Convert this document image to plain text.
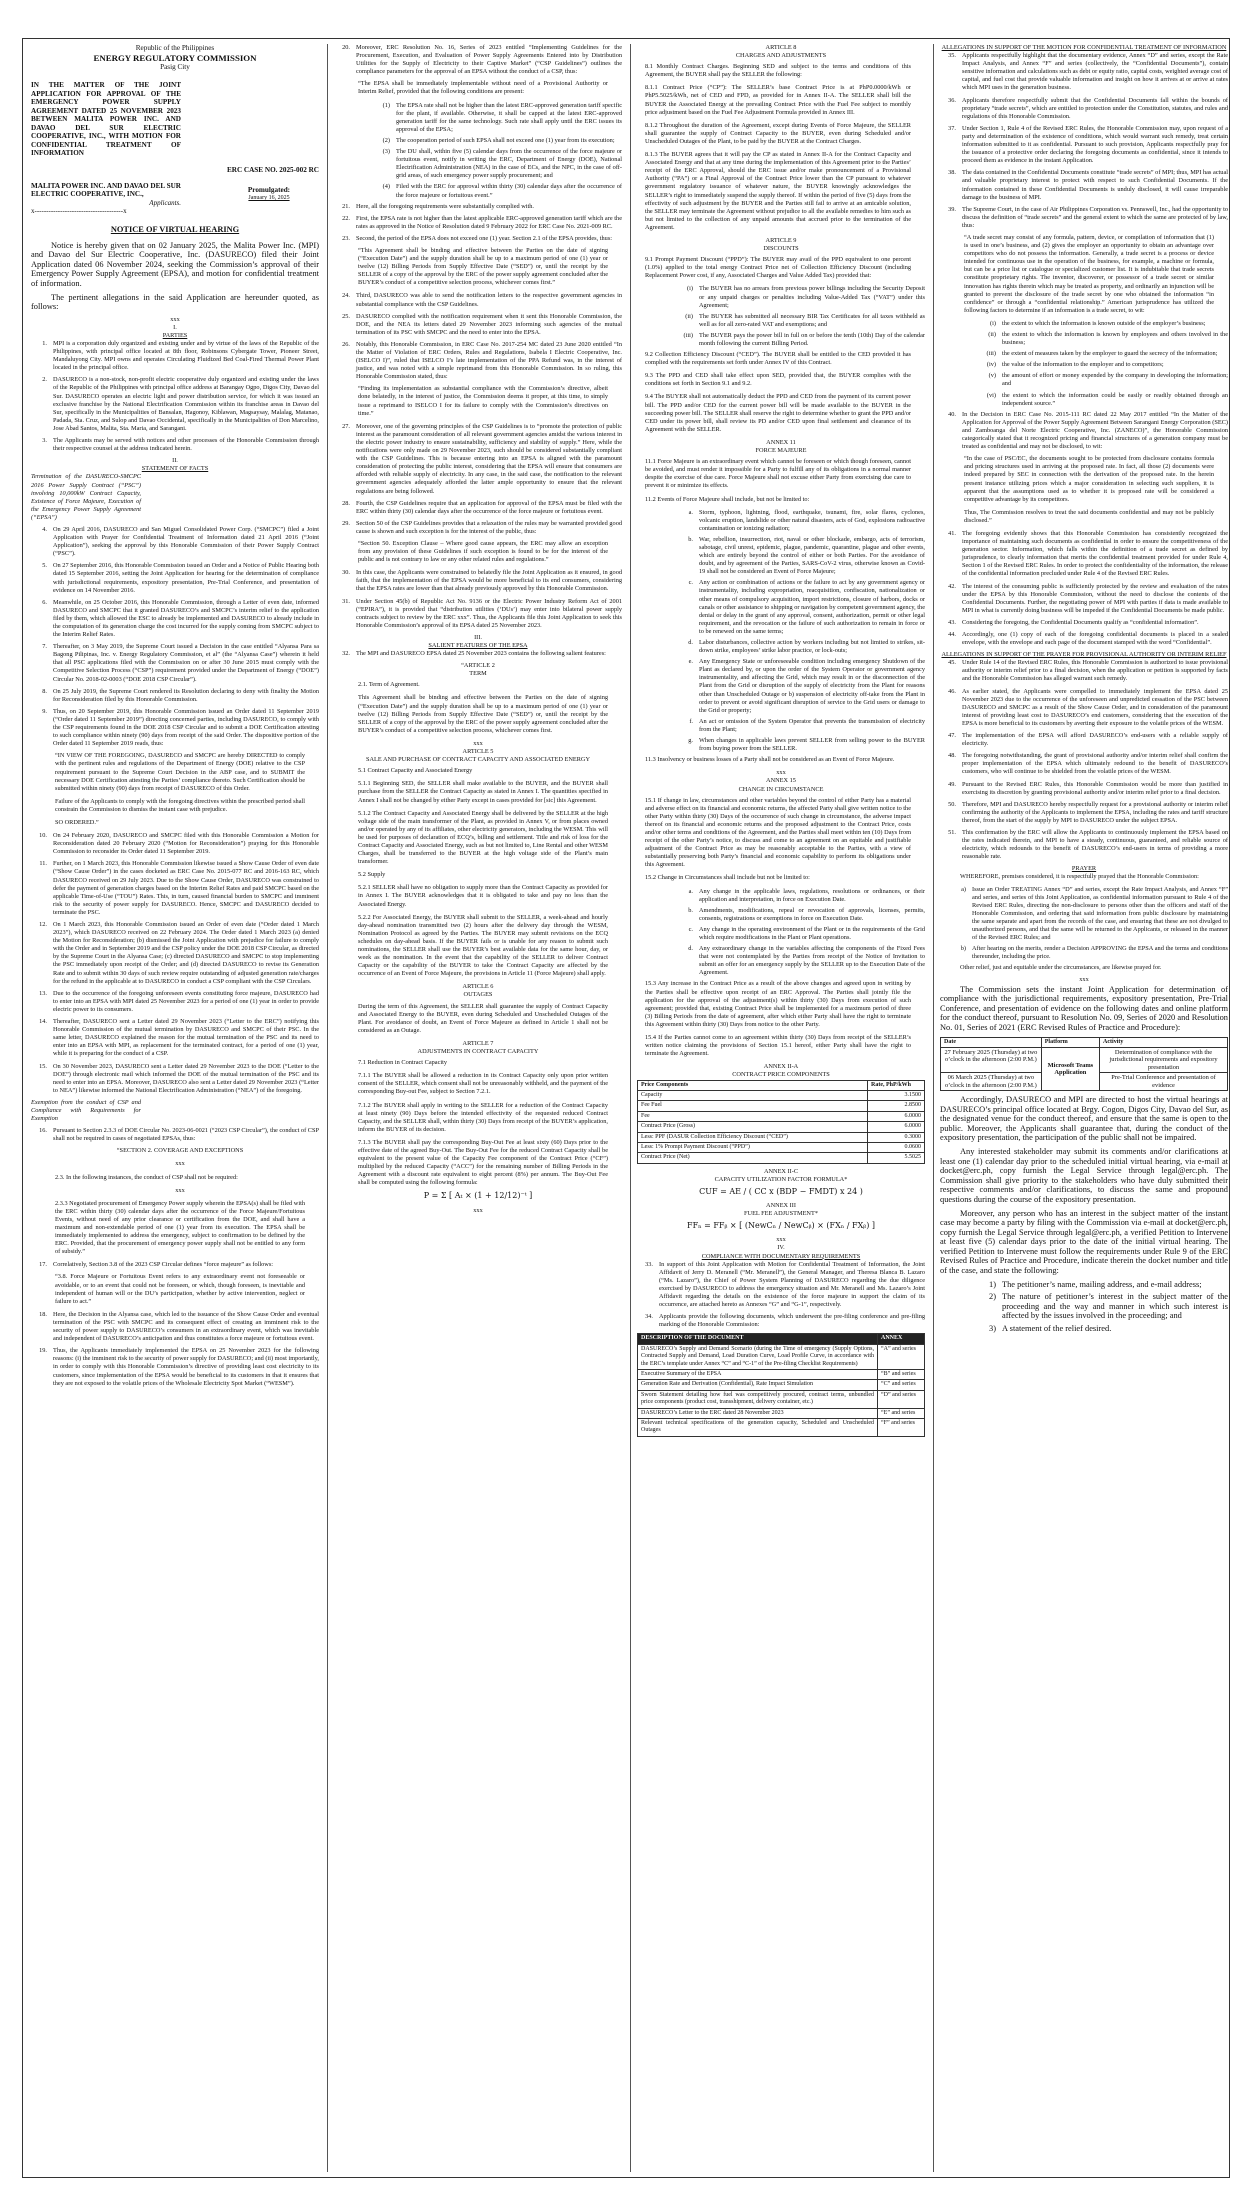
Republic of the Philippines
ENERGY REGULATORY COMMISSION
Pasig City
IN THE MATTER OF THE JOINT APPLICATION FOR APPROVAL OF THE EMERGENCY POWER SUPPLY AGREEMENT DATED 25 NOVEMBER 2023 BETWEEN MALITA POWER INC. AND DAVAO DEL SUR ELECTRIC COOPERATIVE, INC., WITH MOTION FOR CONFIDENTIAL TREATMENT OF INFORMATION
ERC CASE NO. 2025-002 RC
MALITA POWER INC. AND DAVAO DEL SUR ELECTRIC COOPERATIVE, INC.,
Applicants.
x--------------------------------------x
Promulgated:
January 16, 2025
NOTICE OF VIRTUAL HEARING

Notice is hereby given that on 02 January 2025, the Malita Power Inc. (MPI) and Davao del Sur Electric Cooperative, Inc. (DASURECO) filed their Joint Application dated 06 November 2024, seeking the Commission’s approval of their Emergency Power Supply Agreement (EPSA), and motion for confidential treatment of information.

The pertinent allegations in the said Application are hereunder quoted, as follows:

xxx
I.
PARTIES
1. MPI is a corporation duly organized and existing under and by virtue of the laws of the Republic of the Philippines, with principal office located at 8th floor, Robinsons Cybergate Tower, Pioneer Street, Mandaluyong City. MPI owns and operates Circulating Fluidized Bed Coal-Fired Thermal Power Plant located in the principal office.
2. DASURECO is a non-stock, non-profit electric cooperative duly organized and existing under the laws of the Republic of the Philippines with principal office address at Barangay Ogpo, Digos City, Davao del Sur. DASURECO operates an electric light and power distribution service, for which it was issued an exclusive franchise by the National Electrification Commission within its franchise areas in Davao del Sur, specifically in the Municipalities of Bansalan, Hagonoy, Kiblawan, Magsaysay, Malalag, Matanao, Padada, Sta. Cruz, and Sulop and Davao Occidental, specifically in the Municipalities of Don Marcelino, Jose Abad Santos, Malita, Sta. Maria, and Sarangani.
3. The Applicants may be served with notices and other processes of the Honorable Commission through their respective counsel at the address indicated herein.
II.
STATEMENT OF FACTS

Termination of the DASURECO-SMCPC 2016 Power Supply Contract (“PSC”) involving 10,000kW Contract Capacity, Existence of Force Majeure, Execution of the Emergency Power Supply Agreement (“EPSA”)

4. On 29 April 2016, DASURECO and San Miguel Consolidated Power Corp. (“SMCPC”) filed a Joint Application with Prayer for Confidential Treatment of Information dated 21 April 2016 (“Joint Application”), seeking the approval by this Honorable Commission of their Power Supply Contract (“PSC”).
5. On 27 September 2016, this Honorable Commission issued an Order and a Notice of Public Hearing both dated 15 September 2016, setting the Joint Application for hearing for the determination of compliance with jurisdictional requirements, expository presentation, Pre-Trial Conference, and presentation of evidence on 14 November 2016.
6. Meanwhile, on 25 October 2016, this Honorable Commission, through a Letter of even date, informed DASURECO and SMCPC that it granted DASURECO’s and SMCPC’s interim relief to the application filed by them, which allowed the ESC to already be implemented and DASURECO to already include in the computation of its generation charge the cost incurred for the supply coming from SMCPC subject to the Interim Relief Rates.
7. Thereafter, on 3 May 2019, the Supreme Court issued a Decision in the case entitled “Alyansa Para sa Bagong Pilipinas, Inc. v. Energy Regulatory Commission, et al” (the “Alyansa Case”) wherein it held that all PSC applications filed with the Commission on or after 30 June 2015 must comply with the Competitive Selection Process (“CSP”) requirement provided under the Department of Energy (“DOE”) Circular No. 2018-02-0003 (“DOE 2018 CSP Circular”).
8. On 25 July 2019, the Supreme Court rendered its Resolution declaring to deny with finality the Motion for Reconsideration filed by this Honorable Commission.
9. Thus, on 20 September 2019, this Honorable Commission issued an Order dated 11 September 2019 (“Order dated 11 September 2019”) directing concerned parties, including DASURECO, to comply with the CSP requirements found in the DOE 2018 CSP Circular and to submit a DOE Certification attesting to such compliance within ninety (90) days from receipt of the said Order. The dispositive portion of the Order dated 11 September 2019 reads, thus:

“IN VIEW OF THE FOREGOING, DASURECO and SMCPC are hereby DIRECTED to comply with the pertinent rules and regulations of the Department of Energy (DOE) relative to the CSP requirement pursuant to the Supreme Court Decision in the ABP case, and to SUBMIT the necessary DOE Certification attesting the Parties’ compliance thereto. Such Certification should be submitted within ninety (90) days from receipt of DASURECO of this Order.

Failure of the Applicants to comply with the foregoing directives within the prescribed period shall constrain the Commission to dismiss the instant case with prejudice.

SO ORDERED.”

10. On 24 February 2020, DASURECO and SMCPC filed with this Honorable Commission a Motion for Reconsideration dated 20 February 2020 (“Motion for Reconsideration”) praying for this Honorable Commission to reconsider its Order dated 11 September 2019.
11. Further, on 1 March 2023, this Honorable Commission likewise issued a Show Cause Order of even date (“Show Cause Order”) in the cases docketed as ERC Case No. 2015-077 RC and 2016-163 RC, which DASURECO received on 29 July 2023. Due to the Show Cause Order, DASURECO was constrained to defer the payment of generation charges based on the Interim Relief Rates and paid SMCPC based on the applicable Time-of-Use (“TOU”) Rates. This, in turn, caused financial burden to SMCPC and imminent risk to the security of power supply for DASURECO. Hence, SMCPC and DASURECO decided to terminate the PSC.
12. On 1 March 2023, this Honorable Commission issued an Order of even date (“Order dated 1 March 2023”), which DASURECO received on 22 February 2024. The Order dated 1 March 2023 (a) denied the Motion for Reconsideration; (b) dismissed the Joint Application with prejudice for failure to comply with the Order and in September 2019 and the CSP policy under the DOE 2018 CSP Circular, as directed by the Supreme Court in the Alyansa Case; (c) directed DASURECO and SMCPC to stop implementing the PSC immediately upon receipt of the Order; and (d) directed DASURECO to revise its Generation Rate and to submit within 30 days of such review require outstanding of adjusted generation rate/charges for the refund in the applicable at to DASURECO in conduct a CSP compliant with the CSP Circulars.
13. Due to the occurrence of the foregoing unforeseen events constituting force majeure, DASURECO had to enter into an EPSA with MPI dated 25 November 2023 for a period of one (1) year in order to provide electric power to its consumers.
14. Thereafter, DASURECO sent a Letter dated 29 November 2023 (“Letter to the ERC”) notifying this Honorable Commission of the mutual termination by DASURECO and SMCPC of their PSC. In the same letter, DASURECO explained the reason for the mutual termination of the PSC and its need to enter into an EPSA with MPI, as replacement for the terminated contract, for a period of one (1) year, while it is preparing for the conduct of a CSP.
15. On 30 November 2023, DASURECO sent a Letter dated 29 November 2023 to the DOE (“Letter to the DOE”) through electronic mail which informed the DOE of the mutual termination of the PSC and its need to enter into an EPSA. Moreover, DASURECO also sent a Letter dated 29 November 2023 (“Letter to NEA”) likewise informed the National Electrification Administration (“NEA”) of the foregoing.

Exemption from the conduct of CSP and Compliance with Requirements for Exemption

16. Pursuant to Section 2.3.3 of DOE Circular No. 2023-06-0021 (“2023 CSP Circular”), the conduct of CSP shall not be required in cases of negotiated EPSAs, thus:

“SECTION 2. COVERAGE AND EXCEPTIONS

xxx

2.3. In the following instances, the conduct of CSP shall not be required:

xxx

2.3.3 Negotiated procurement of Emergency Power supply wherein the EPSA(s) shall be filed with the ERC within thirty (30) calendar days after the occurrence of the Force Majeure/Fortuitous Events, without need of any prior clearance or certification from the DOE, and shall have a maximum and non-extendable period of one (1) year from its execution. The EPSA shall be immediately implemented to address the emergency, subject to confirmation to be defined by the ERC. Provided, that the procurement of emergency power supply shall not be entitled to any form of subsidy.”

17. Correlatively, Section 3.8 of the 2023 CSP Circular defines “force majeure” as follows:

“3.8. Force Majeure or Fortuitous Event refers to any extraordinary event not foreseeable or avoidable, or to an event that could not be foreseen, or which, though foreseen, is inevitable and independent of human will or the DU’s participation, whether by active intervention, neglect or failure to act.”

18. Here, the Decision in the Alyansa case, which led to the issuance of the Show Cause Order and eventual termination of the PSC with SMCPC and its consequent effect of creating an imminent risk to the security of power supply to DASURECO’s consumers in an extraordinary event, which was inevitable and independent of DASURECO’s anticipation and thus constitutes a force majeure or fortuitous event.
19. Thus, the Applicants immediately implemented the EPSA on 25 November 2023 for the following reasons: (i) the imminent risk to the security of power supply for DASURECO; and (ii) most importantly, in order to comply with this Honorable Commission’s directive of providing least cost electricity to its customers, since implementation of the EPSA would be beneficial to its customers in that it ensures that they are not exposed to the volatile prices of the Wholesale Electricity Spot Market (“WESM”).
20. Moreover, ERC Resolution No. 16, Series of 2023 entitled “Implementing Guidelines for the Procurement, Execution, and Evaluation of Power Supply Agreements Entered into by Distribution Utilities for the Supply of Electricity to their Captive Market” (“CSP Guidelines”) outlines the compliance parameters for the approval of an EPSA without the conduct of a CSP, thus:

“The EPSA shall be immediately implementable without need of a Provisional Authority or Interim Relief, provided that the following conditions are present:

(1) The EPSA rate shall not be higher than the latest ERC-approved generation tariff specific for the plant, if available. Otherwise, it shall be capped at the latest ERC-approved generation tariff for the same technology. Such rate shall apply until the ERC issues its approval of the EPSA;
(2) The cooperation period of such EPSA shall not exceed one (1) year from its execution;
(3) The DU shall, within five (5) calendar days from the occurrence of the force majeure or fortuitous event, notify in writing the ERC, Department of Energy (DOE), National Electrification Administration (NEA) in the case of ECs, and the NPC, in the case of off-grid areas, of such emergency power supply procurement; and
(4) Filed with the ERC for approval within thirty (30) calendar days after the occurrence of the force majeure or fortuitous event.”
21. Here, all the foregoing requirements were substantially complied with.
22. First, the EPSA rate is not higher than the latest applicable ERC-approved generation tariff which are the rates as approved in the Notice of Resolution dated 9 February 2022 for ERC Case No. 2021-009 RC.
23. Second, the period of the EPSA does not exceed one (1) year. Section 2.1 of the EPSA provides, thus:

“This Agreement shall be binding and effective between the Parties on the date of signing (“Execution Date”) and the supply duration shall be up to a maximum period of one (1) year or twelve (12) Billing Periods from Supply Effective Date (“SED”) or, until the receipt by the SELLER of a copy of the approval by the ERC of the power supply agreement concluded after the BUYER’s conduct of a competitive selection process, whichever comes first.”

24. Third, DASURECO was able to send the notification letters to the respective government agencies in substantial compliance with the CSP Guidelines.
25. DASURECO complied with the notification requirement when it sent this Honorable Commission, the DOE, and the NEA its letters dated 29 November 2023 informing such agencies of the mutual termination of its PSC with SMCPC and the need to enter into the EPSA.
26. Notably, this Honorable Commission, in ERC Case No. 2017-254 MC dated 23 June 2020 entitled “In the Matter of Violation of ERC Orders, Rules and Regulations, Isabela I Electric Cooperative, Inc. (ISELCO I)”, ruled that ISELCO I’s late implementation of the PPA Refund was, in the interest of justice, and was noted with a simple reprimand from this Honorable Commission. In so ruling, this Honorable Commission stated, thus:

“Finding its implementation as substantial compliance with the Commission’s directive, albeit done belatedly, in the interest of justice, the Commission deems it proper, at this time, to simply issue a reprimand to ISELCO I for its failure to comply with the Commission’s directives on time.”

27. Moreover, one of the governing principles of the CSP Guidelines is to “promote the protection of public interest as the paramount consideration of all relevant government agencies amidst the various interest in the electric power industry to ensure sustainability, sufficiency and stability of supply.” Here, while the notifications were only made on 29 November 2023, such should be considered substantially compliant with the CSP Guidelines. This is because entering into an EPSA is aligned with the paramount consideration of protecting the public interest, considering that the EPSA will ensure that consumers are afforded with reliable supply of electricity. In any case, in the said case, the notification to the relevant government agencies adequately afforded the latter ample opportunity to ensure that the relevant regulations are being followed.
28. Fourth, the CSP Guidelines require that an application for approval of the EPSA must be filed with the ERC within thirty (30) calendar days after the occurrence of the force majeure or fortuitous event.
29. Section 50 of the CSP Guidelines provides that a relaxation of the rules may be warranted provided good cause is shown and such exception is for the interest of the public, thus:

“Section 50. Exception Clause – Where good cause appears, the ERC may allow an exception from any provision of these Guidelines if such exception is found to be for the interest of the public and is not contrary to law or any other related rules and regulations.”

30. In this case, the Applicants were constrained to belatedly file the Joint Application as it ensured, in good faith, that the implementation of the EPSA would be more beneficial to its end consumers, considering that the EPSA rates are lower than that already previously approved by this Honorable Commission.
31. Under Section 45(b) of Republic Act No. 9136 or the Electric Power Industry Reform Act of 2001 (“EPIRA”), it is provided that “distribution utilities (‘DUs’) may enter into bilateral power supply contracts subject to review by the ERC xxx”. Thus, the Applicants file this Joint Application to seek this Honorable Commission’s approval of its EPSA dated 25 November 2023.
III.
SALIENT FEATURES OF THE EPSA
32. The MPI and DASURECO EPSA dated 25 November 2023 contains the following salient features:
“ARTICLE 2
TERM

2.1. Term of Agreement.

This Agreement shall be binding and effective between the Parties on the date of signing (“Execution Date”) and the supply duration shall be up to a maximum period of one (1) year or twelve (12) Billing Periods from Supply Effective Date (“SED”) or, until the receipt by the SELLER of a copy of the approval by the ERC of the power supply agreement concluded after the BUYER’s conduct of a competitive selection process, whichever comes first.

xxx
ARTICLE 5
SALE AND PURCHASE OF CONTRACT CAPACITY AND ASSOCIATED ENERGY

5.1 Contract Capacity and Associated Energy

5.1.1 Beginning SED, the SELLER shall make available to the BUYER, and the BUYER shall purchase from the SELLER the Contract Capacity as stated in Annex I. The quantities specified in Annex I shall not be changed by either Party except in cases provided for [sic] this Agreement.

5.1.2 The Contract Capacity and Associated Energy shall be delivered by the SELLER at the high voltage side of the main transformer of the Plant, as provided in Annex V, or from places owned and/or operated by any of its affiliates, other electricity generators, including the WESM. This will be used for purposes of declaration of ECQ’s, billing and settlement. Title and risk of loss for the Contract Capacity and Associated Energy, such as but not limited to, Line Rental and other WESM Charges, shall be transferred to the BUYER at the high voltage side of the Plant’s main transformer.

5.2 Supply

5.2.1 SELLER shall have no obligation to supply more than the Contract Capacity as provided for in Annex I. The BUYER acknowledges that it is obligated to take and pay no less than the Associated Energy.

5.2.2 For Associated Energy, the BUYER shall submit to the SELLER, a week-ahead and hourly day-ahead nomination transmitted two (2) hours after the delivery day through the WESM, Nomination Protocol as agreed by the Parties. The BUYER may submit revisions on the ECQ schedules on day-ahead basis. If the BUYER fails or is unable for any reason to submit such nominations, the SELLER shall use the BUYER’s best available data for the same hour, day, or week as the nomination. In the event that the capability of the SELLER to deliver Contract Capacity or the capability of the BUYER to take the Contract Capacity are affected by the occurrence of an Event of Force Majeure, the provisions in Article 11 (Force Majeure) shall apply.

ARTICLE 6
OUTAGES

During the term of this Agreement, the SELLER shall guarantee the supply of Contract Capacity and Associated Energy to the BUYER, even during Scheduled and Unscheduled Outages of the Plant. For avoidance of doubt, an Event of Force Majeure as defined in Article 1 shall not be considered as an Outage.

ARTICLE 7
ADJUSTMENTS IN CONTRACT CAPACITY

7.1 Reduction in Contract Capacity

7.1.1 The BUYER shall be allowed a reduction in its Contract Capacity only upon prior written consent of the SELLER, which consent shall not be unreasonably withheld, and the payment of the corresponding Buy-out Fee, subject to Section 7.2.1.

7.1.2 The BUYER shall apply in writing to the SELLER for a reduction of the Contract Capacity at least ninety (90) Days before the intended effectivity of the requested reduced Contract Capacity, and the SELLER shall, within thirty (30) Days from receipt of the BUYER’s application, inform the BUYER of its decision.

7.1.3 The BUYER shall pay the corresponding Buy-Out Fee at least sixty (60) Days prior to the effective date of the agreed Buy-Out. The Buy-Out Fee for the reduced Contract Capacity shall be equivalent to the present value of the Capacity Fee component of the Contract Price (“CF”) multiplied by the reduced Capacity (“ACC”) for the remaining number of Billing Periods in the Agreement with a discount rate equivalent to eight percent (8%) per annum. The Buy-Out Fee shall be computed using the following formula:

P = Σ [ Aₜ × (1 + 12/12)⁻ᵗ ]
xxx
ARTICLE 8
CHARGES AND ADJUSTMENTS

8.1 Monthly Contract Charges. Beginning SED and subject to the terms and conditions of this Agreement, the BUYER shall pay the SELLER the following:

8.1.1 Contract Price (“CP”): The SELLER’s base Contract Price is at PhP0.0000/kWh or PhP5.5025/kWh, net of CED and FPD, as provided for in Annex II-A. The SELLER shall bill the BUYER the Associated Energy at the prevailing Contract Price with the Fuel Fee subject to monthly price adjustment based on the Fuel Fee Adjustment Formula provided in Annex III.

8.1.2 Throughout the duration of the Agreement, except during Events of Force Majeure, the SELLER shall guarantee the supply of Contract Capacity to the BUYER, even during Scheduled and/or Unscheduled Outages of the Plant, to be paid by the BUYER at the Contract Charges.

8.1.3 The BUYER agrees that it will pay the CP as stated in Annex II-A for the Contract Capacity and Associated Energy and that at any time during the implementation of this Agreement prior to the Parties’ receipt of the ERC Approval, should the ERC issue and/or make pronouncement of a Provisional Authority (“PA”) or a Final Approval of the Contract Price lower than the CP pursuant to whatever government regulatory issuance of whatever nature, the BUYER knowingly acknowledges the SELLER’s right to immediately suspend the supply thereof. If within the period of five (5) days from the effectivity of such adjustment by the BUYER and the Parties still fail to arrive at an amicable solution, the SELLER may terminate the Agreement without prejudice to all the available remedies to him such as but not limited to the collection of any unpaid amounts that accrued prior to the termination of the Agreement.

ARTICLE 9
DISCOUNTS

9.1 Prompt Payment Discount (“PPD”): The BUYER may avail of the PPD equivalent to one percent (1.0%) applied to the total energy Contract Price net of Collection Efficiency Discount (including Replacement Power cost, if any, Associated Charges and Value Added Tax) provided that:

(i) The BUYER has no arrears from previous power billings including the Security Deposit or any unpaid charges or penalties including Value-Added Tax (“VAT”) under this Agreement;
(ii) The BUYER has submitted all necessary BIR Tax Certificates for all taxes withheld as well as for all zero-rated VAT and exemptions; and
(iii) The BUYER pays the power bill in full on or before the tenth (10th) Day of the calendar month following the current Billing Period.

9.2 Collection Efficiency Discount (“CED”). The BUYER shall be entitled to the CED provided it has complied with the requirements set forth under Annex IV of this Contract.

9.3 The PPD and CED shall take effect upon SED, provided that, the BUYER complies with the conditions set forth in Section 9.1 and 9.2.

9.4 The BUYER shall not automatically deduct the PPD and CED from the payment of its current power bill. The PPD and/or CED for the current power bill will be made available to the BUYER in the succeeding power bill. The SELLER shall reserve the right to determine whether to grant the PPD and/or CED under its power bill, shall review its PD and/or CED upon final settlement and clearance of its Agreement with the SELLER.

ANNEX 11
FORCE MAJEURE

11.1 Force Majeure is an extraordinary event which cannot be foreseen or which though foreseen, cannot be avoided, and must render it impossible for a Party to fulfill any of its obligations in a normal manner despite the exercise of due care. Force Majeure shall not excuse either Party from exercising due care to prevent it or minimize its effects.

11.2 Events of Force Majeure shall include, but not be limited to:

a. Storm, typhoon, lightning, flood, earthquake, tsunami, fire, solar flares, cyclones, volcanic eruption, landslide or other natural disasters, acts of God, explosions radioactive contamination or ionizing radiation;
b. War, rebellion, insurrection, riot, naval or other blockade, embargo, acts of terrorism, sabotage, civil unrest, epidemic, plague, pandemic, quarantine, plague and other events, which are entirely beyond the control of either or both Parties. For the avoidance of doubt, and by agreement of the Parties, SARS-CoV-2 virus, otherwise known as Covid-19 shall not be considered an Event of Force Majeure;
c. Any action or combination of actions or the failure to act by any government agency or instrumentality, including expropriation, reacquisition, confiscation, nationalization or other means of compulsory acquisition, import restrictions, closure of harbors, docks or canals or other assistance to shipping or navigation by competent government agency, the denial or delay in the grant of any approval, consent, authorization, permit or other legal requirement, and the revocation or the failure of such authorization to remain in force or to be renewed on the same terms;
d. Labor disturbances, collective action by workers including but not limited to strikes, sit-down strike, employees’ strike labor practice, or lock-outs;
e. Any Emergency State or unforeseeable condition including emergency Shutdown of the Plant as declared by, or upon the order of the System Operator or government agency instrumentality, and affecting the Grid, which may result in or the disconnection of the Plant from the Grid or disruption of the supply of electricity from the Plant for reasons other than Unscheduled Outage or b) suspension of electricity off-take from the Plant in order to prevent or avoid significant disruption of service to the Grid users or damage to the Grid or property;
f. An act or omission of the System Operator that prevents the transmission of electricity from the Plant;
g. When changes in applicable laws prevent SELLER from selling power to the BUYER from buying power from the SELLER.

11.3 Insolvency or business losses of a Party shall not be considered as an Event of Force Majeure.

xxx
ANNEX 15
CHANGE IN CIRCUMSTANCE

15.1 If change in law, circumstances and other variables beyond the control of either Party has a material and adverse effect on its financial and economic returns, the affected Party shall give written notice to the other Party within thirty (30) Days of the occurrence of such change in circumstance, the adverse impact thereof on its financial and economic returns and the proposed adjustment to the Contract Price, costs and/or other terms and conditions of the Agreement, and the Parties shall meet within ten (10) Days from receipt of the other Party’s notice, to discuss and come to an agreement on an equitable and justifiable adjustment of the Contract Price as may be reasonably acceptable to the Parties, with a view of substantially preserving both Party’s financial and economic capability to perform its obligations under this Agreement.

15.2 Change in Circumstances shall include but not be limited to:

a. Any change in the applicable laws, regulations, resolutions or ordinances, or their application and interpretation, in force on Execution Date.
b. Amendments, modifications, repeal or revocation of approvals, licenses, permits, consents, registrations or exemptions in force on Execution Date.
c. Any change in the operating environment of the Plant or in the requirements of the Grid which require modifications in the Plant or Plant operations.
d. Any extraordinary change in the variables affecting the components of the Fixed Fees that were not contemplated by the Parties from receipt of the Notice of Invitation to submit an offer for an emergency supply by the SELLER up to the Execution Date of the Agreement.

15.3 Any increase in the Contract Price as a result of the above changes and agreed upon in writing by the Parties shall be effective upon receipt of an ERC Approval. The Parties shall jointly file the application for the approval of the adjustment(s) within thirty (30) Days from execution of such agreement; provided that, existing Contract Price shall be implemented for a maximum period of three (3) Billing Periods from the date of agreement, after which either Party shall have the right to terminate this Agreement within thirty (30) Days from notice to the other Party.

15.4 If the Parties cannot come to an agreement within thirty (30) Days from receipt of the SELLER’s written notice claiming the provisions of Section 15.1 hereof, either Party shall have the right to terminate the Agreement.

ANNEX II-A
CONTRACT PRICE COMPONENTS
Price Components	Rate, PhP/kWh
Capacity	3.1500
Fee Fuel	2.8500
Fee	6.0000
Contract Price (Gross)	6.0000
Less: PPF (DASUR Collection Efficiency Discount (“CED”)	0.3000
Less: 1% Prompt Payment Discount (“PPD”)	0.0600
Contract Price (Net)	5.5025
ANNEX II-C
CAPACITY UTILIZATION FACTOR FORMULA*
CUF = AE / ( CC x (BDP − FMDT) x 24 )
ANNEX III
FUEL FEE ADJUSTMENT*
FFₙ = FFᵦ × [ (NewCₙ / NewCᵦ) × (FXₙ / FXᵦ) ]
xxx
IV.
COMPLIANCE WITH DOCUMENTARY REQUIREMENTS
33. In support of this Joint Application with Motion for Confidential Treatment of Information, the Joint Affidavit of Jerry D. Meranell (“Mr. Meranell”), the General Manager, and Theresa Blanca B. Lazaro (“Ms. Lazaro”), the Chief of Power System Planning of DASURECO regarding the due diligence exercised by DASURECO to address the emergency situation and Mr. Meranell and Ms. Lazaro’s Joint Affidavit regarding the details on the existence of the force majeure in support the claim of its occurrence, are attached hereto as Annexes “G” and “G-1”, respectively.
34. Applicants provide the following documents, which underwent the pre-filing conference and pre-filing marking of the Honorable Commission:
DESCRIPTION OF THE DOCUMENT	ANNEX
DASURECO’s Supply and Demand Scenario (during the Time of emergency (Supply Options, Contracted Supply and Demand, Load Duration Curve, Load Profile Curve, in accordance with the ERC’s template under Annex “C” and “C-1” of the Pre-filing Checklist Requirements)	“A” and series
Executive Summary of the EPSA	“B” and series
Generation Rate and Derivation (Confidential), Rate Impact Simulation	“C” and series
Sworn Statement detailing how fuel was competitively procured, contract terms, unbundled price components (product cost, transshipment, delivery container, etc.)	“D” and series
DASURECO’s Letter to the ERC dated 28 November 2023	“E” and series
Relevant technical specifications of the generation capacity, Scheduled and Unscheduled Outages	“F” and series
ALLEGATIONS IN SUPPORT OF THE MOTION FOR CONFIDENTIAL TREATMENT OF INFORMATION
35. Applicants respectfully highlight that the documentary evidence, Annex “D” and series, except the Rate Impact Analysis, and Annex “F” and series (collectively, the “Confidential Documents”), contain sensitive information and calculations such as debt or equity ratio, capital costs, weighted average cost of capital, and fuel cost that provide valuable information and insight on how it arrives at or arrive at rates which MPI uses in the generation business.
36. Applicants therefore respectfully submit that the Confidential Documents fall within the bounds of proprietary “trade secrets”, which are entitled to protection under the Constitution, statutes, and rules and regulations of this Honorable Commission.
37. Under Section 1, Rule 4 of the Revised ERC Rules, the Honorable Commission may, upon request of a party and determination of the existence of conditions, which would warrant such remedy, treat certain information submitted to it as confidential. Pursuant to such provision, Applicants respectfully pray for the issuance of a protective order declaring the foregoing documents as confidential, since it intends to proceed them as evidence in the instant Application.
38. The data contained in the Confidential Documents constitute “trade secrets” of MPI; thus, MPI has actual and valuable proprietary interest to protect with respect to such Confidential Documents. If the information contained in these Confidential Documents is unduly disclosed, it will cause irreparable damage to the business of MPI.
39. The Supreme Court, in the case of Air Philippines Corporation vs. Pennswell, Inc., had the opportunity to discuss the definition of “trade secrets” and the general extent to which the same are protected of by law, thus:

“A trade secret may consist of any formula, pattern, device, or compilation of information that (1) is used in one’s business, and (2) gives the employer an opportunity to obtain an advantage over competitors who do not possess the information. Generally, a trade secret is a process or device intended for continuous use in the operation of the business, for example, a machine or formula, but can be a price list or catalogue or specialized customer list. It is indubitable that trade secrets constitute proprietary rights. The inventor, discoverer, or possessor of a trade secret or similar innovation has rights therein which may be treated as property, and ordinarily an injunction will be granted to prevent the disclosure of the trade secret by one who obtained the information “in confidence” or through a “confidential relationship.” American jurisprudence has utilized the following factors to determine if an information is a trade secret, to wit:

(i) the extent to which the information is known outside of the employer’s business;
(ii) the extent to which the information is known by employees and others involved in the business;
(iii) the extent of measures taken by the employer to guard the secrecy of the information;
(iv) the value of the information to the employer and to competitors;
(v) the amount of effort or money expended by the company in developing the information; and
(vi) the extent to which the information could be easily or readily obtained through an independent source.”
40. In the Decision in ERC Case No. 2015-111 RC dated 22 May 2017 entitled “In the Matter of the Application for Approval of the Power Supply Agreement Between Sarangani Energy Corporation (SEC) and Zamboanga del Norte Electric Cooperative, Inc. (ZANECO)”, the Honorable Commission categorically stated that it recognized pricing and financial structures of a generation company must be treated as confidential and may not be disclosed, to wit:

“In the case of PSC/EC, the documents sought to be protected from disclosure contains formula and pricing structures used in arriving at the proposed rate. In fact, all those (2) documents were indeed prepared by SEC in connection with the derivation of the proposed rate. In the herein present instance utilizing prices which a major consideration in selecting such suppliers, it is apparent that the assumptions used as to whether it is proposed rate will be considered a competitive advantage by its competitors.

Thus, The Commission resolves to treat the said documents confidential and may not be publicly disclosed.”

41. The foregoing evidently shows that this Honorable Commission has consistently recognized the importance of maintaining such documents as confidential in order to ensure the competitiveness of the generation sector. Information, which falls within the definition of a trade secret as defined by jurisprudence, to clearly information that merits the confidential treatment provided for under Rule 4, Section 1 of the Revised ERC Rules. In order to protect the confidentiality of the information, the release of the confidential information precluded under Rule 4 of the Revised ERC Rules.
42. The interest of the consuming public is sufficiently protected by the review and evaluation of the rates under the EPSA by this Honorable Commission, without the need to disclose the contents of the Confidential Documents. Further, the negotiating power of MPI with parties if data is made available to MPI in what is currently doing business will be impeded if the Confidential Documents be made public.
43. Considering the foregoing, the Confidential Documents qualify as “confidential information”.
44. Accordingly, one (1) copy of each of the foregoing confidential documents is placed in a sealed envelope, with the envelope and each page of the document stamped with the word “Confidential”.
ALLEGATIONS IN SUPPORT OF THE PRAYER FOR PROVISIONAL AUTHORITY OR INTERIM RELIEF
45. Under Rule 14 of the Revised ERC Rules, this Honorable Commission is authorized to issue provisional authority or interim relief prior to a final decision, when the application or petition is supported by facts and the Honorable Commission has alleged warrant such remedy.
46. As earlier stated, the Applicants were compelled to immediately implement the EPSA dated 25 November 2023 due to the occurrence of the unforeseen and unpredicted cessation of the PSC between DASURECO and SMCPC as a result of the Show Cause Order, and in consideration of the paramount interest of providing least cost to DASURECO’s end customers, considering that the execution of the EPSA is more beneficial to its customers by averting their exposure to the volatile prices of the WESM.
47. The implementation of the EPSA will afford DASURECO’s end-users with a reliable supply of electricity.
48. The foregoing notwithstanding, the grant of provisional authority and/or interim relief shall confirm the proper implementation of the EPSA which ultimately redound to the benefit of DASURECO’s customers, who will continue to be shielded from the volatile prices of the WESM.
49. Pursuant to the Revised ERC Rules, this Honorable Commission would be more than justified in exercising its discretion by granting provisional authority and/or interim relief prior to a final decision.
50. Therefore, MPI and DASURECO hereby respectfully request for a provisional authority or interim relief confirming the authority of the Applicants to implement the EPSA, including the rates and tariff structure thereof, from the start of the supply by MPI to DASURECO under the subject EPSA.
51. This confirmation by the ERC will allow the Applicants to continuously implement the EPSA based on the rates indicated therein, and MPI to have a steady, continuous, guaranteed, and reliable source of electricity, which redounds to the benefit of DASURECO’s end-users in terms of providing a more reasonable rate.
PRAYER

WHEREFORE, premises considered, it is respectfully prayed that the Honorable Commission:

a) Issue an Order TREATING Annex “D” and series, except the Rate Impact Analysis, and Annex “F” and series, and series of this Joint Application, as confidential information pursuant to Rule 4 of the Revised ERC Rules, directing the non-disclosure to persons other than the officers and staff of the Honorable Commission, and ordering that said information from public disclosure by maintaining the same separate and apart from the records of the case, and ensuring that these are not divulged to unauthorized persons, and that the same will be returned to the Applicants, or released in the manner of the Revised ERC Rules; and
b) After hearing on the merits, render a Decision APPROVING the EPSA and the terms and conditions thereunder, including the price.

Other relief, just and equitable under the circumstances, are likewise prayed for.

xxx

The Commission sets the instant Joint Application for determination of compliance with the jurisdictional requirements, expository presentation, Pre-Trial Conference, and presentation of evidence on the following dates and online platform for the conduct thereof, pursuant to Resolution No. 09, Series of 2020 and Resolution No. 01, Series of 2021 (ERC Revised Rules of Practice and Procedure):

Date	Platform	Activity
27 February 2025 (Thursday) at two o’clock in the afternoon (2:00 P.M.)	Microsoft Teams Application	Determination of compliance with the jurisdictional requirements and expository presentation
06 March 2025 (Thursday) at two o’clock in the afternoon (2:00 P.M.)		Pre-Trial Conference and presentation of evidence

Accordingly, DASURECO and MPI are directed to host the virtual hearings at DASURECO’s principal office located at Brgy. Cogon, Digos City, Davao del Sur, as the designated venue for the conduct thereof, and ensure that the same is open to the public. Moreover, the Applicants shall guarantee that, during the conduct of the expository presentation, the participation of the public shall not be impaired.

Any interested stakeholder may submit its comments and/or clarifications at least one (1) calendar day prior to the scheduled initial virtual hearing, via e-mail at docket@erc.ph, copy furnish the Legal Service through legal@erc.ph. The Commission shall give priority to the stakeholders who have duly submitted their respective comments and/or clarifications, to discuss the same and propound questions during the course of the expository presentation.

Moreover, any person who has an interest in the subject matter of the instant case may become a party by filing with the Commission via e-mail at docket@erc.ph, copy furnish the Legal Service through legal@erc.ph, a verified Petition to Intervene at least five (5) calendar days prior to the date of the initial virtual hearing. The verified Petition to Intervene must follow the requirements under Rule 9 of the ERC Revised Rules of Practice and Procedure, indicate therein the docket number and title of the case, and state the following:

1) The petitioner’s name, mailing address, and e-mail address;
2) The nature of petitioner’s interest in the subject matter of the proceeding and the way and manner in which such interest is affected by the issues involved in the proceeding; and
3) A statement of the relief desired.
